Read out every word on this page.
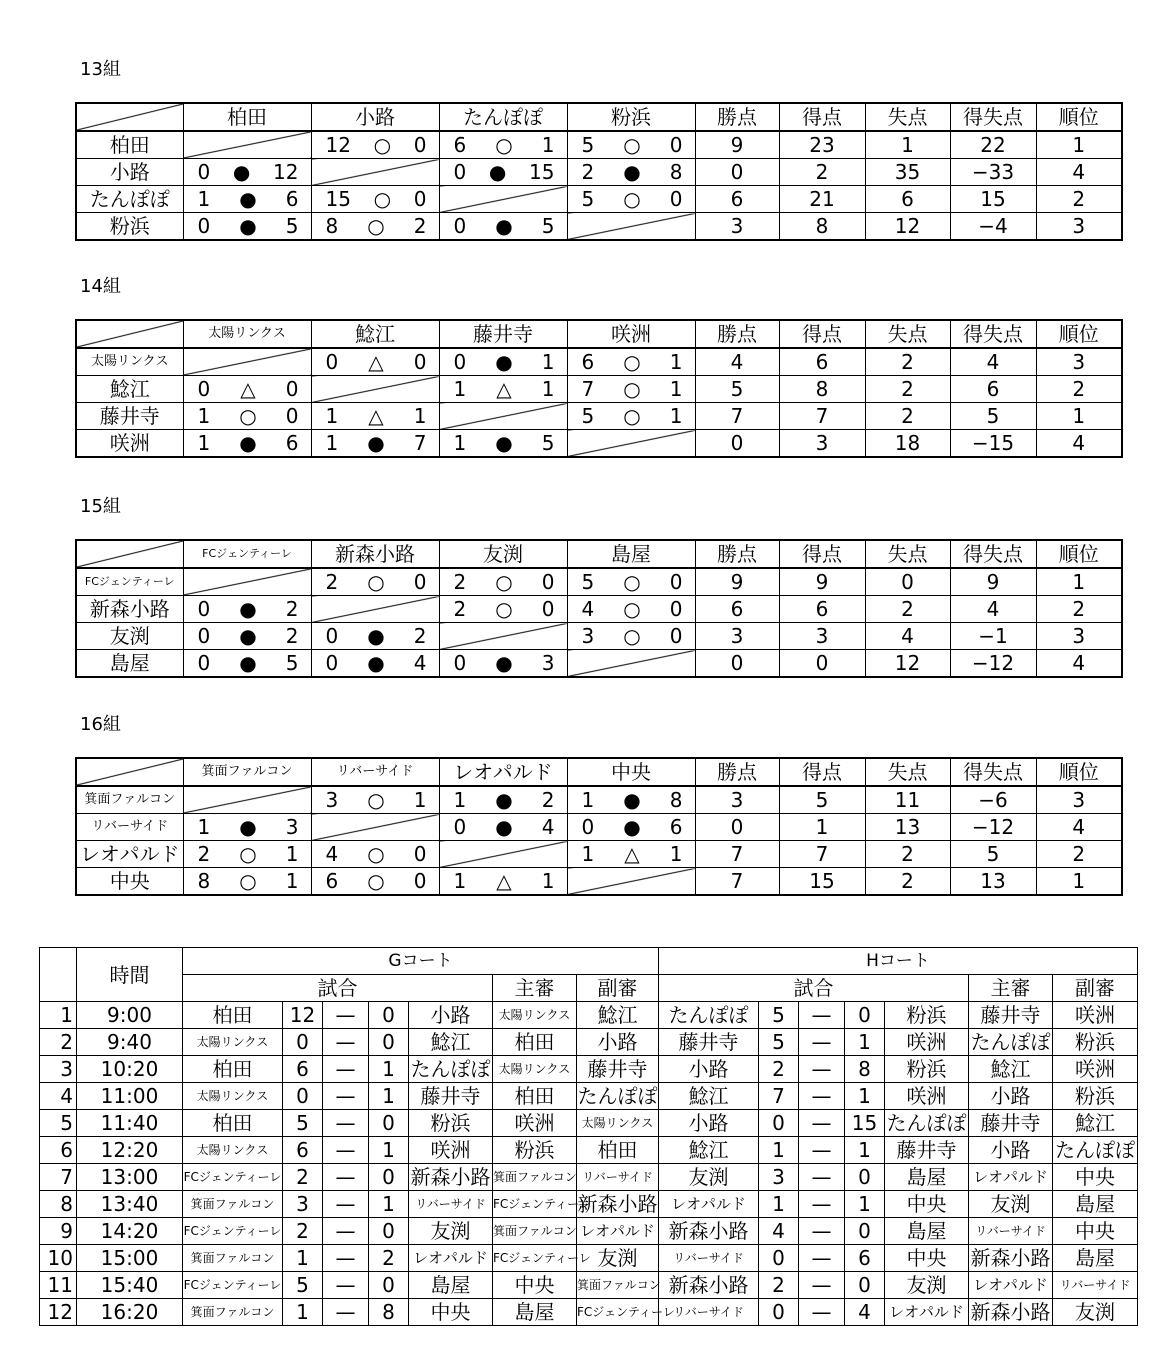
13組
	柏田	小路	たんぽぽ	粉浜	勝点	得点	失点	得失点	順位
柏田		12 ○ 0	6 ○ 1	5 ○ 0	9	23	1	22	1
小路	0 ● 12		0 ● 15	2 ● 8	0	2	35	−33	4
たんぽぽ	1 ● 6	15 ○ 0		5 ○ 0	6	21	6	15	2
粉浜	0 ● 5	8 ○ 2	0 ● 5		3	8	12	−4	3
14組
	太陽リンクス	鯰江	藤井寺	咲洲	勝点	得点	失点	得失点	順位
太陽リンクス		0 △ 0	0 ● 1	6 ○ 1	4	6	2	4	3
鯰江	0 △ 0		1 △ 1	7 ○ 1	5	8	2	6	2
藤井寺	1 ○ 0	1 △ 1		5 ○ 1	7	7	2	5	1
咲洲	1 ● 6	1 ● 7	1 ● 5		0	3	18	−15	4
15組
	FCジェンティーレ	新森小路	友渕	島屋	勝点	得点	失点	得失点	順位
FCジェンティーレ		2 ○ 0	2 ○ 0	5 ○ 0	9	9	0	9	1
新森小路	0 ● 2		2 ○ 0	4 ○ 0	6	6	2	4	2
友渕	0 ● 2	0 ● 2		3 ○ 0	3	3	4	−1	3
島屋	0 ● 5	0 ● 4	0 ● 3		0	0	12	−12	4
16組
	箕面ファルコン	リバーサイド	レオパルド	中央	勝点	得点	失点	得失点	順位
箕面ファルコン		3 ○ 1	1 ● 2	1 ● 8	3	5	11	−6	3
リバーサイド	1 ● 3		0 ● 4	0 ● 6	0	1	13	−12	4
レオパルド	2 ○ 1	4 ○ 0		1 △ 1	7	7	2	5	2
中央	8 ○ 1	6 ○ 0	1 △ 1		7	15	2	13	1
	時間	Gコート							Hコート						
		試合					主審	副審	試合					主審	副審
1	9:00	柏田	12	—	0	小路	太陽リンクス	鯰江	たんぽぽ	5	—	0	粉浜	藤井寺	咲洲
2	9:40	太陽リンクス	0	—	0	鯰江	柏田	小路	藤井寺	5	—	1	咲洲	たんぽぽ	粉浜
3	10:20	柏田	6	—	1	たんぽぽ	太陽リンクス	藤井寺	小路	2	—	8	粉浜	鯰江	咲洲
4	11:00	太陽リンクス	0	—	1	藤井寺	柏田	たんぽぽ	鯰江	7	—	1	咲洲	小路	粉浜
5	11:40	柏田	5	—	0	粉浜	咲洲	太陽リンクス	小路	0	—	15	たんぽぽ	藤井寺	鯰江
6	12:20	太陽リンクス	6	—	1	咲洲	粉浜	柏田	鯰江	1	—	1	藤井寺	小路	たんぽぽ
7	13:00	FCジェンティーレ	2	—	0	新森小路	箕面ファルコン	リバーサイド	友渕	3	—	0	島屋	レオパルド	中央
8	13:40	箕面ファルコン	3	—	1	リバーサイド	FCジェンティーレ	新森小路	レオパルド	1	—	1	中央	友渕	島屋
9	14:20	FCジェンティーレ	2	—	0	友渕	箕面ファルコン	レオパルド	新森小路	4	—	0	島屋	リバーサイド	中央
10	15:00	箕面ファルコン	1	—	2	レオパルド	FCジェンティーレ	友渕	リバーサイド	0	—	6	中央	新森小路	島屋
11	15:40	FCジェンティーレ	5	—	0	島屋	中央	箕面ファルコン	新森小路	2	—	0	友渕	レオパルド	リバーサイド
12	16:20	箕面ファルコン	1	—	8	中央	島屋	FCジェンティーレ	リバーサイド	0	—	4	レオパルド	新森小路	友渕
